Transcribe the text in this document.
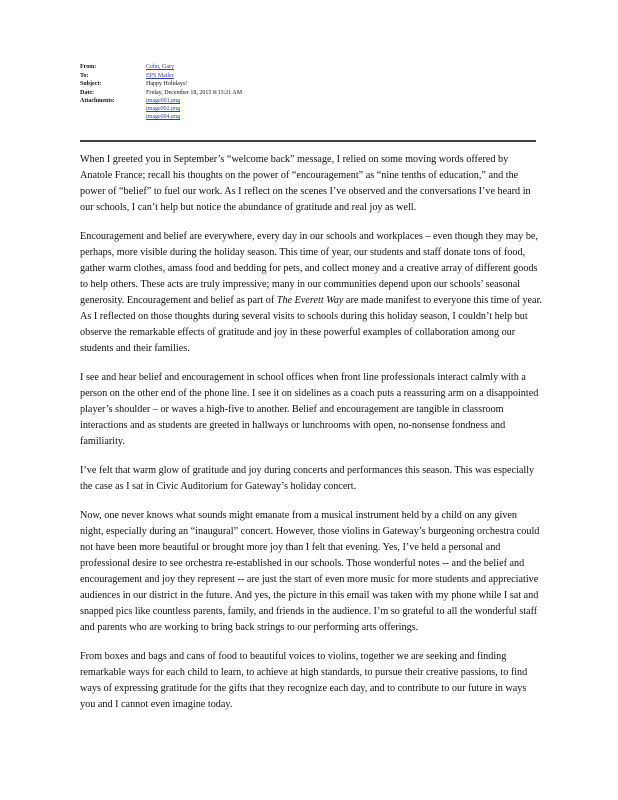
From:	Cohn, Gary
To:	EPS Mailer
Subject:	Happy Holidays!
Date:	Friday, December 18, 2015 8:13:21 AM
Attachments:	image001.png
image002.png
image004.png

When I greeted you in September’s “welcome back” message, I relied on some moving words offered by Anatole France; recall his thoughts on the power of “encouragement” as “nine tenths of education,” and the power of “belief” to fuel our work. As I reflect on the scenes I’ve observed and the conversations I’ve heard in our schools, I can’t help but notice the abundance of gratitude and real joy as well.

Encouragement and belief are everywhere, every day in our schools and workplaces – even though they may be, perhaps, more visible during the holiday season. This time of year, our students and staff donate tons of food, gather warm clothes, amass food and bedding for pets, and collect money and a creative array of different goods to help others. These acts are truly impressive; many in our communities depend upon our schools’ seasonal generosity. Encouragement and belief as part of The Everett Way are made manifest to everyone this time of year. As I reflected on those thoughts during several visits to schools during this holiday season, I couldn’t help but observe the remarkable effects of gratitude and joy in these powerful examples of collaboration among our students and their families.

I see and hear belief and encouragement in school offices when front line professionals interact calmly with a person on the other end of the phone line. I see it on sidelines as a coach puts a reassuring arm on a disappointed player’s shoulder – or waves a high-five to another. Belief and encouragement are tangible in classroom interactions and as students are greeted in hallways or lunchrooms with open, no-nonsense fondness and familiarity.

I’ve felt that warm glow of gratitude and joy during concerts and performances this season. This was especially the case as I sat in Civic Auditorium for Gateway’s holiday concert.

Now, one never knows what sounds might emanate from a musical instrument held by a child on any given night, especially during an “inaugural” concert. However, those violins in Gateway’s burgeoning orchestra could not have been more beautiful or brought more joy than I felt that evening. Yes, I’ve held a personal and professional desire to see orchestra re-established in our schools. Those wonderful notes -- and the belief and encouragement and joy they represent -- are just the start of even more music for more students and appreciative audiences in our district in the future. And yes, the picture in this email was taken with my phone while I sat and snapped pics like countless parents, family, and friends in the audience. I’m so grateful to all the wonderful staff and parents who are working to bring back strings to our performing arts offerings.

From boxes and bags and cans of food to beautiful voices to violins, together we are seeking and finding remarkable ways for each child to learn, to achieve at high standards, to pursue their creative passions, to find ways of expressing gratitude for the gifts that they recognize each day, and to contribute to our future in ways you and I cannot even imagine today.
